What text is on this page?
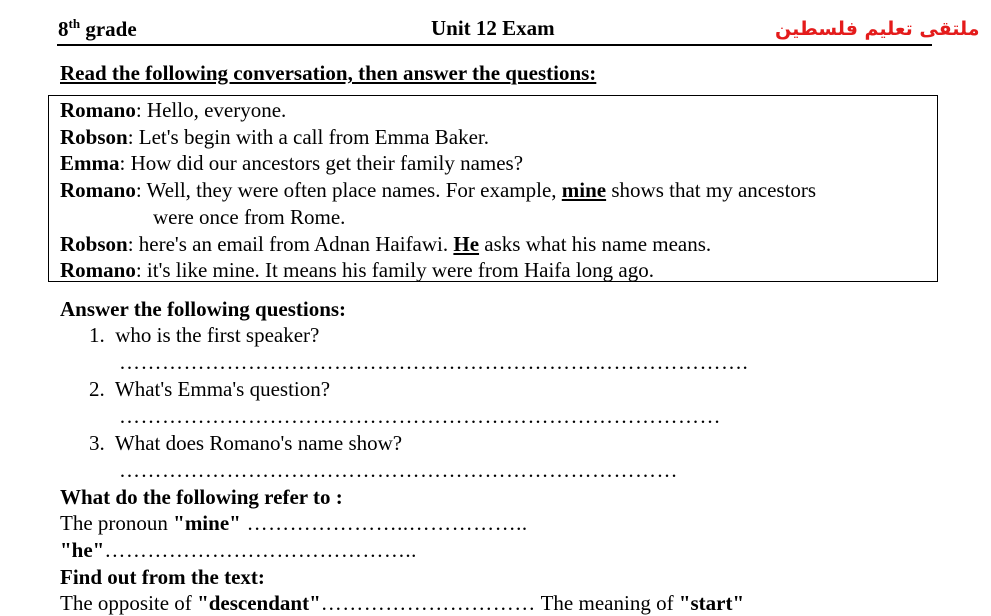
8th grade	Unit 12 Exam	ملتقى تعليم فلسطين
Read the following conversation, then answer the questions:
Romano: Hello, everyone.
Robson: Let's begin with a call from Emma Baker.
Emma: How did our ancestors get their family names?
Romano: Well, they were often place names. For example, mine shows that my ancestors
were once from Rome.
Robson: here's an email from Adnan Haifawi. He asks what his name means.
Romano: it's like mine. It means his family were from Haifa long ago.
Answer the following questions:
1. who is the first speaker?
…………………………………………………………………………….
2. What's Emma's question?
…………………………………………………………………………
3. What does Romano's name show?
……………………………………………………………………
What do the following refer to :
The pronoun "mine" …………………..……………..
"he"……………………………………..
Find out from the text:
The opposite of "descendant"………………………… The meaning of "start"
